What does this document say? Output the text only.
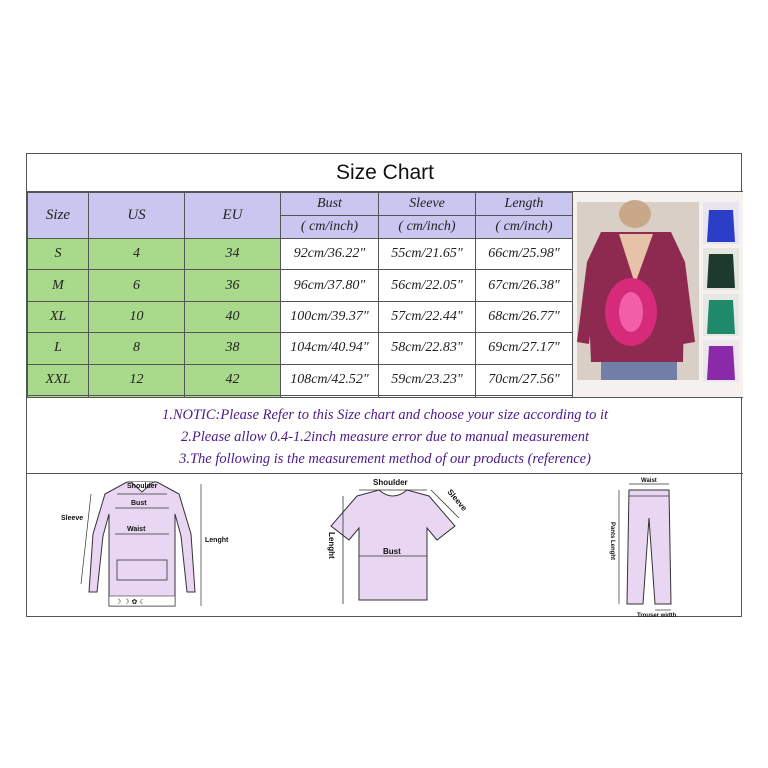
Size Chart
Size	US	EU	Bust	Sleeve	Length
			( cm/inch)	( cm/inch)	( cm/inch)
S	4	34	92cm/36.22"	55cm/21.65"	66cm/25.98"
M	6	36	96cm/37.80"	56cm/22.05"	67cm/26.38"
XL	10	40	100cm/39.37"	57cm/22.44"	68cm/26.77"
L	8	38	104cm/40.94"	58cm/22.83"	69cm/27.17"
XXL	12	42	108cm/42.52"	59cm/23.23"	70cm/27.56"

1.NOTIC:Please Refer to this Size chart and choose your size according to it
2.Please allow 0.4-1.2inch measure error due to manual measurement
3.The following is the measurement method of our products (reference)
☽ ☽ ✿ ☾
Shoulder
Bust
Waist
Sleeve
Lenght
Shoulder
Sleeve
Lenght	Bust
Waist
Pants Lenght
Trouser width
